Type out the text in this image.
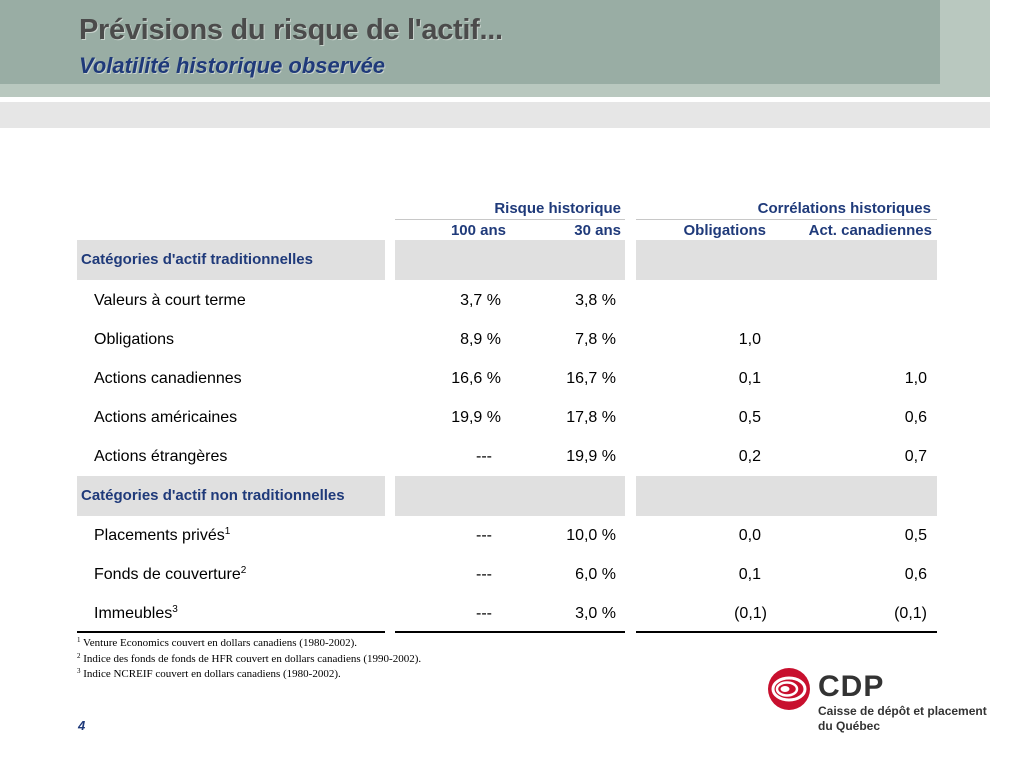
Prévisions du risque de l'actif...
Volatilité historique observée
Risque historique	Corrélations historiques
100 ans	30 ans	Obligations	Act. canadiennes
Catégories d'actif traditionnelles
Valeurs à court terme	3,7 %	3,8 %
Obligations	8,9 %	7,8 %	1,0
Actions canadiennes	16,6 %	16,7 %	0,1	1,0
Actions américaines	19,9 %	17,8 %	0,5	0,6
Actions étrangères	---	19,9 %	0,2	0,7
Catégories d'actif non traditionnelles
Placements privés$^1$	---	10,0 %	0,0	0,5
Fonds de couverture$^2$	---	6,0 %	0,1	0,6
Immeubles$^3$	---	3,0 %	(0,1)	(0,1)
$^1$ Venture Economics couvert en dollars canadiens (1980-2002).
$^2$ Indice des fonds de fonds de HFR couvert en dollars canadiens (1990-2002).
$^3$ Indice NCREIF couvert en dollars canadiens (1980-2002).
4
CDP
Caisse de dépôt et placement
du Québec
